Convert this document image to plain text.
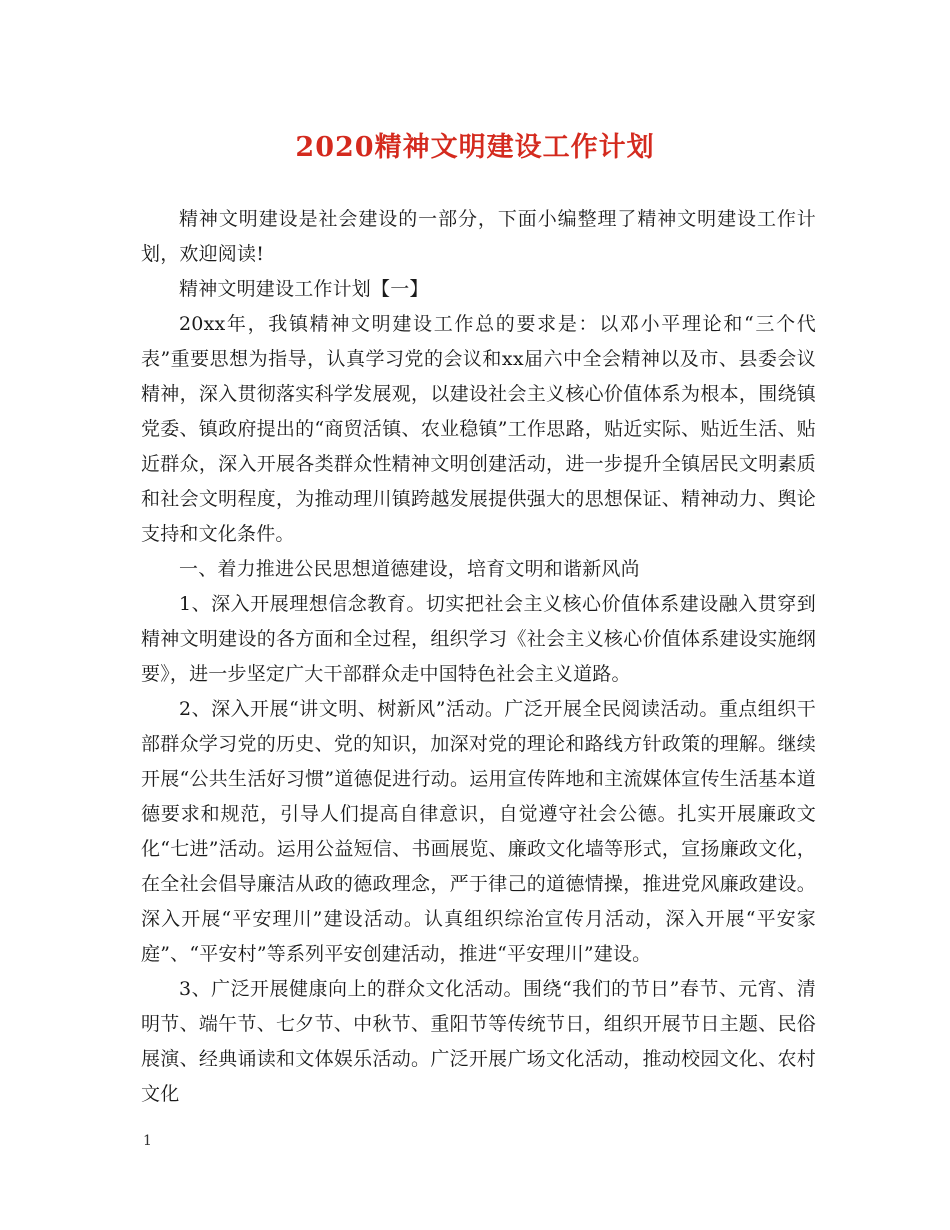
2020精神文明建设工作计划

精神文明建设是社会建设的一部分，下面小编整理了精神文明建设工作计划，欢迎阅读!

精神文明建设工作计划【一】

20xx年，我镇精神文明建设工作总的要求是：以邓小平理论和“三个代表”重要思想为指导，认真学习党的会议和xx届六中全会精神以及市、县委会议精神，深入贯彻落实科学发展观，以建设社会主义核心价值体系为根本，围绕镇党委、镇政府提出的“商贸活镇、农业稳镇”工作思路，贴近实际、贴近生活、贴近群众，深入开展各类群众性精神文明创建活动，进一步提升全镇居民文明素质和社会文明程度，为推动理川镇跨越发展提供强大的思想保证、精神动力、舆论支持和文化条件。

一、着力推进公民思想道德建设，培育文明和谐新风尚

1、深入开展理想信念教育。切实把社会主义核心价值体系建设融入贯穿到精神文明建设的各方面和全过程，组织学习《社会主义核心价值体系建设实施纲要》，进一步坚定广大干部群众走中国特色社会主义道路。

2、深入开展“讲文明、树新风”活动。广泛开展全民阅读活动。重点组织干部群众学习党的历史、党的知识，加深对党的理论和路线方针政策的理解。继续开展“公共生活好习惯”道德促进行动。运用宣传阵地和主流媒体宣传生活基本道德要求和规范，引导人们提高自律意识，自觉遵守社会公德。扎实开展廉政文化“七进”活动。运用公益短信、书画展览、廉政文化墙等形式，宣扬廉政文化，在全社会倡导廉洁从政的德政理念，严于律己的道德情操，推进党风廉政建设。深入开展“平安理川”建设活动。认真组织综治宣传月活动，深入开展“平安家庭”、“平安村”等系列平安创建活动，推进“平安理川”建设。

3、广泛开展健康向上的群众文化活动。围绕“我们的节日”春节、元宵、清明节、端午节、七夕节、中秋节、重阳节等传统节日，组织开展节日主题、民俗展演、经典诵读和文体娱乐活动。广泛开展广场文化活动，推动校园文化、农村文化

1
